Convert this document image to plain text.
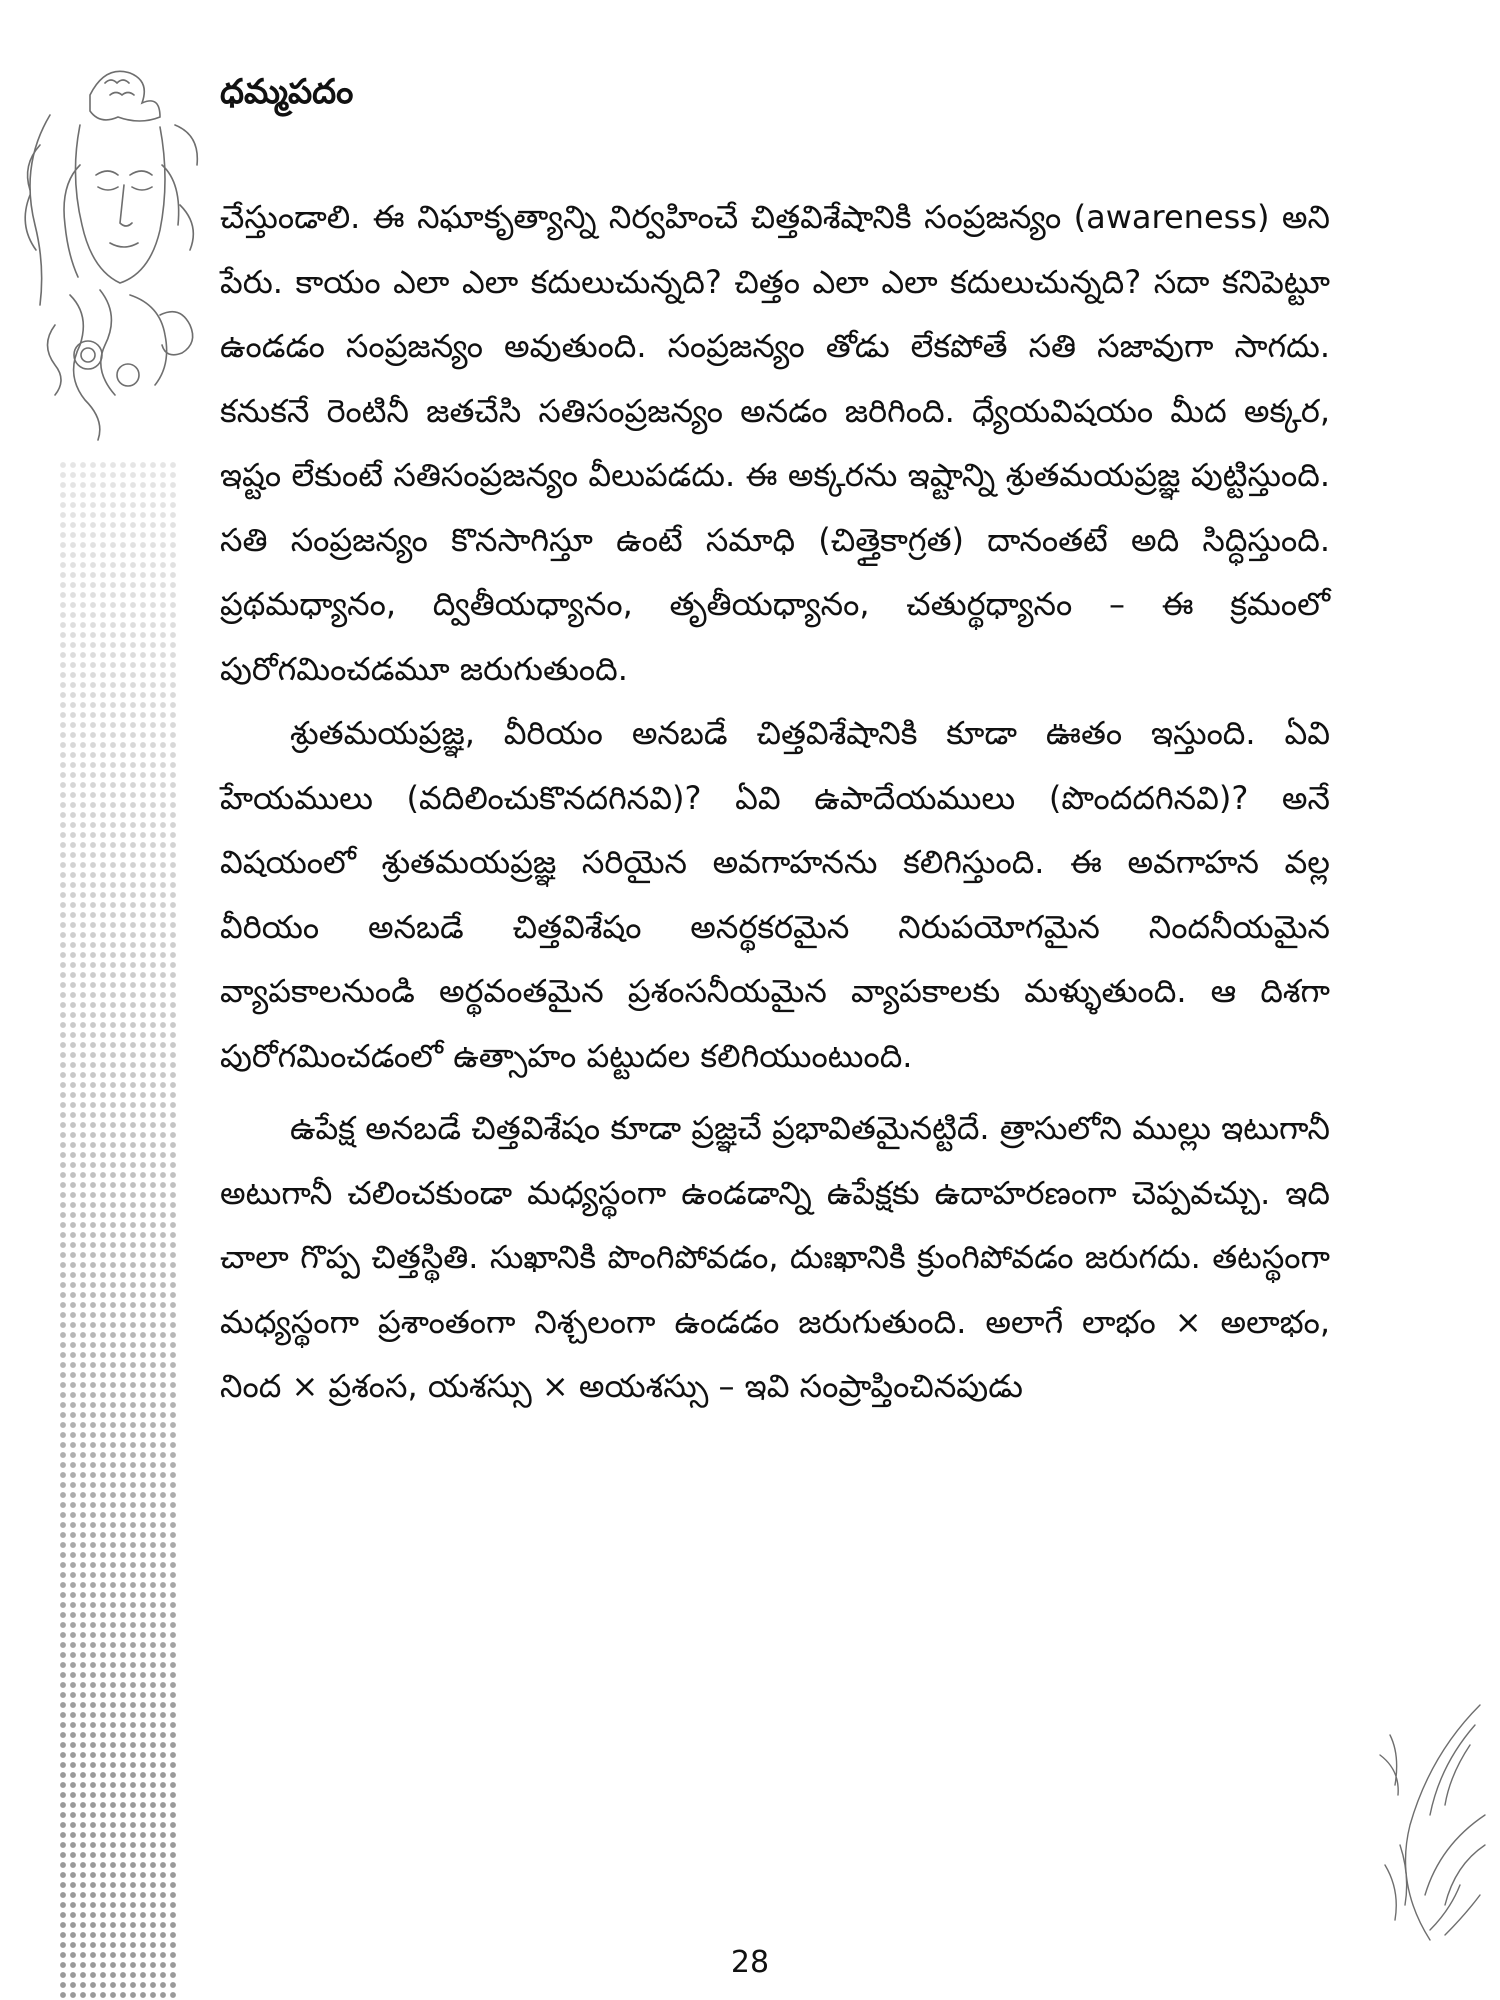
ధమ్మపదం

చేస్తుండాలి. ఈ నిఘాకృత్యాన్ని నిర్వహించే చిత్తవిశేషానికి సంప్రజన్యం (awareness) అని పేరు. కాయం ఎలా ఎలా కదులుచున్నది? చిత్తం ఎలా ఎలా కదులుచున్నది? సదా కనిపెట్టూ ఉండడం సంప్రజన్యం అవుతుంది. సంప్రజన్యం తోడు లేకపోతే సతి సజావుగా సాగదు. కనుకనే రెంటినీ జతచేసి సతిసంప్రజన్యం అనడం జరిగింది. ధ్యేయవిషయం మీద అక్కర, ఇష్టం లేకుంటే సతిసంప్రజన్యం వీలుపడదు. ఈ అక్కరను ఇష్టాన్ని శ్రుతమయప్రజ్ఞ పుట్టిస్తుంది. సతి సంప్రజన్యం కొనసాగిస్తూ ఉంటే సమాధి (చిత్తైకాగ్రత) దానంతటే అది సిద్ధిస్తుంది. ప్రథమధ్యానం, ద్వితీయధ్యానం, తృతీయధ్యానం, చతుర్థధ్యానం – ఈ క్రమంలో పురోగమించడమూ జరుగుతుంది.

శ్రుతమయప్రజ్ఞ, వీరియం అనబడే చిత్తవిశేషానికి కూడా ఊతం ఇస్తుంది. ఏవి హేయములు (వదిలించుకొనదగినవి)? ఏవి ఉపాదేయములు (పొందదగినవి)? అనే విషయంలో శ్రుతమయప్రజ్ఞ సరియైన అవగాహనను కలిగిస్తుంది. ఈ అవగాహన వల్ల వీరియం అనబడే చిత్తవిశేషం అనర్థకరమైన నిరుపయోగమైన నిందనీయమైన వ్యాపకాలనుండి అర్థవంతమైన ప్రశంసనీయమైన వ్యాపకాలకు మళ్ళుతుంది. ఆ దిశగా పురోగమించడంలో ఉత్సాహం పట్టుదల కలిగియుంటుంది.

ఉపేక్ష అనబడే చిత్తవిశేషం కూడా ప్రజ్ఞచే ప్రభావితమైనట్టిదే. త్రాసులోని ముల్లు ఇటుగానీ అటుగానీ చలించకుండా మధ్యస్థంగా ఉండడాన్ని ఉపేక్షకు ఉదాహరణంగా చెప్పవచ్చు. ఇది చాలా గొప్ప చిత్తస్థితి. సుఖానికి పొంగిపోవడం, దుఃఖానికి క్రుంగిపోవడం జరుగదు. తటస్థంగా మధ్యస్థంగా ప్రశాంతంగా నిశ్చలంగా ఉండడం జరుగుతుంది. అలాగే లాభం × అలాభం, నింద × ప్రశంస, యశస్సు × అయశస్సు – ఇవి సంప్రాప్తించినపుడు

28
